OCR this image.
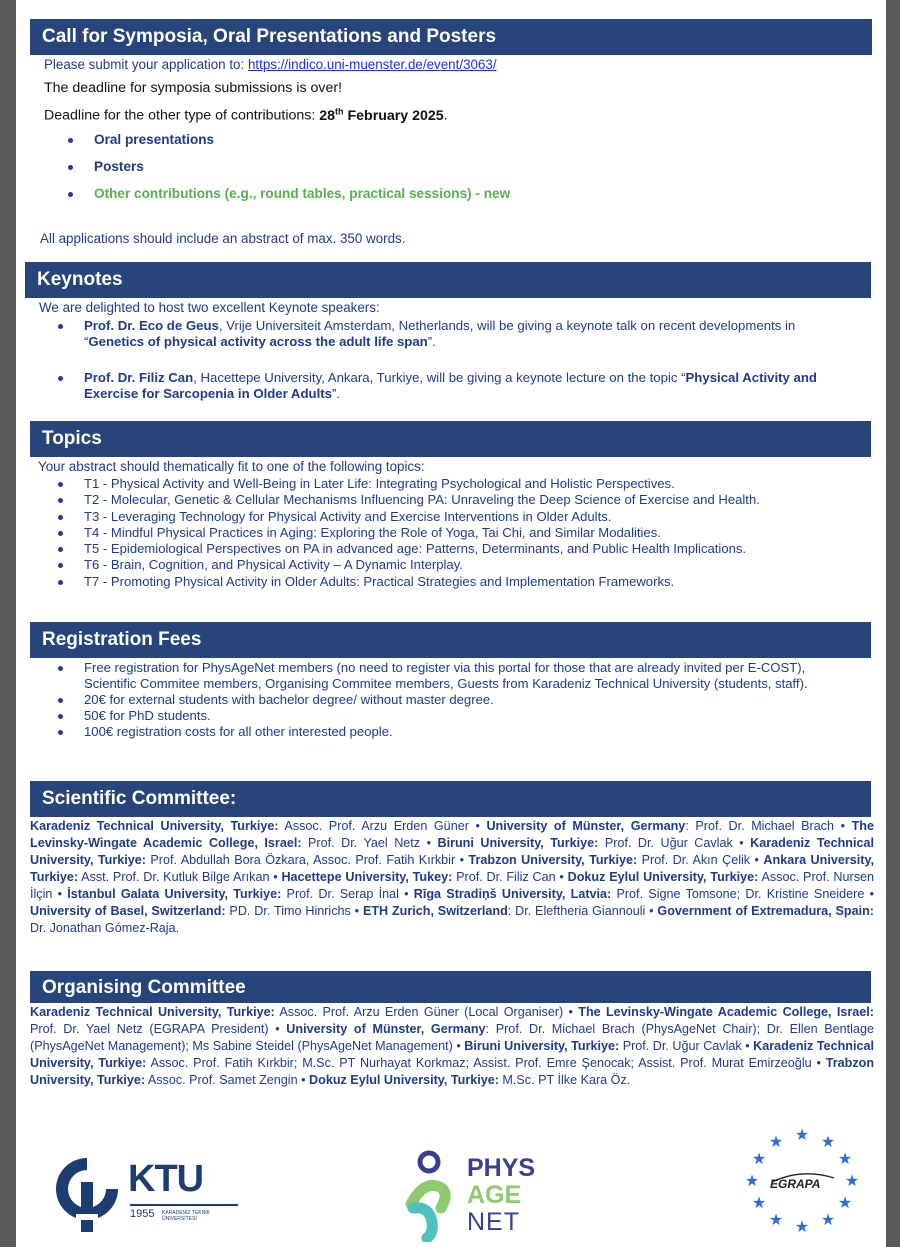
Call for Symposia, Oral Presentations and Posters

Please submit your application to: https://indico.uni-muenster.de/event/3063/

The deadline for symposia submissions is over!

Deadline for the other type of contributions: 28th February 2025.

Oral presentations
Posters
Other contributions (e.g., round tables, practical sessions) - new

All applications should include an abstract of max. 350 words.

Keynotes

We are delighted to host two excellent Keynote speakers:

Prof. Dr. Eco de Geus, Vrije Universiteit Amsterdam, Netherlands, will be giving a keynote talk on recent developments in “Genetics of physical activity across the adult life span”.
Prof. Dr. Filiz Can, Hacettepe University, Ankara, Turkiye, will be giving a keynote lecture on the topic “Physical Activity and Exercise for Sarcopenia in Older Adults”.
Topics

Your abstract should thematically fit to one of the following topics:

T1 - Physical Activity and Well-Being in Later Life: Integrating Psychological and Holistic Perspectives.
T2 - Molecular, Genetic & Cellular Mechanisms Influencing PA: Unraveling the Deep Science of Exercise and Health.
T3 - Leveraging Technology for Physical Activity and Exercise Interventions in Older Adults.
T4 - Mindful Physical Practices in Aging: Exploring the Role of Yoga, Tai Chi, and Similar Modalities.
T5 - Epidemiological Perspectives on PA in advanced age: Patterns, Determinants, and Public Health Implications.
T6 - Brain, Cognition, and Physical Activity – A Dynamic Interplay.
T7 - Promoting Physical Activity in Older Adults: Practical Strategies and Implementation Frameworks.
Registration Fees
Free registration for PhysAgeNet members (no need to register via this portal for those that are already invited per E-COST), Scientific Commitee members, Organising Commitee members, Guests from Karadeniz Technical University (students, staff).
20€ for external students with bachelor degree/ without master degree.
50€ for PhD students.
100€ registration costs for all other interested people.
Scientific Committee:

Karadeniz Technical University, Turkiye: Assoc. Prof. Arzu Erden Güner • University of Münster, Germany: Prof. Dr. Michael Brach • The Levinsky-Wingate Academic College, Israel: Prof. Dr. Yael Netz • Biruni University, Turkiye: Prof. Dr. Uğur Cavlak • Karadeniz Technical University, Turkiye: Prof. Abdullah Bora Özkara, Assoc. Prof. Fatih Kırkbir • Trabzon University, Turkiye: Prof. Dr. Akın Çelik • Ankara University, Turkiye: Asst. Prof. Dr. Kutluk Bilge Arıkan • Hacettepe University, Tukey: Prof. Dr. Filiz Can • Dokuz Eylul University, Turkiye: Assoc. Prof. Nursen İlçin • İstanbul Galata University, Turkiye: Prof. Dr. Serap İnal • Rīga Stradiņš University, Latvia: Prof. Signe Tomsone; Dr. Kristine Sneidere • University of Basel, Switzerland: PD. Dr. Timo Hinrichs • ETH Zurich, Switzerland: Dr. Eleftheria Giannouli • Government of Extremadura, Spain: Dr. Jonathan Gómez-Raja.

Organising Committee

Karadeniz Technical University, Turkiye: Assoc. Prof. Arzu Erden Güner (Local Organiser) • The Levinsky-Wingate Academic College, Israel: Prof. Dr. Yael Netz (EGRAPA President) • University of Münster, Germany: Prof. Dr. Michael Brach (PhysAgeNet Chair); Dr. Ellen Bentlage (PhysAgeNet Management); Ms Sabine Steidel (PhysAgeNet Management) • Biruni University, Turkiye: Prof. Dr. Uğur Cavlak • Karadeniz Technical University, Turkiye: Assoc. Prof. Fatih Kırkbir; M.Sc. PT Nurhayat Korkmaz; Assist. Prof. Emre Şenocak; Assist. Prof. Murat Emirzeoğlu • Trabzon University, Turkiye: Assoc. Prof. Samet Zengin • Dokuz Eylul University, Turkiye: M.Sc. PT İlke Kara Öz.

KTU
1955 KARADENİZ TEKNİK ÜNİVERSİTESİ
PHYS
AGE
NET
★ ★
★
★
★
★
★
★
★
★
★
★
EGRAPA
